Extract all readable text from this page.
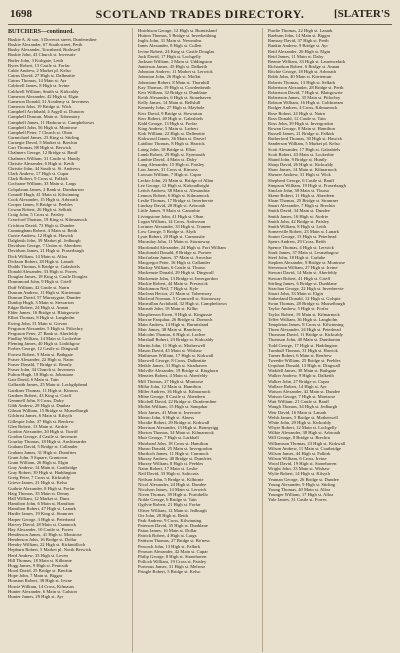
1698	SCOTLAND TRADES DIRECTORY.	[SLATER'S
BUTCHERS—continued.
Buskie A. & son, 3 Dovecot street, Dunfermline
Buskie Alexander, 67 South street, Perth
Busby Alexander, Townhead, Bothwell
Buskie John, 43 Church st. Inverurie
Butler John, 3 Kirkgate, Leith
Byres Robert, 15 Castle st. Forfar
Cable Andrew, 2 Market pl. Kelso
Cairns David, 27 High st. Dalbeattie
Cairns Thomas, 14 Main st. Ayr
Caldwell James, 8 High st. Irvine
Caldwell William, Smith st. Kirkcaldy
Cameron Alexander, 42 High st. Elgin
Cameron Donald, 31 Academy st. Inverness
Cameron John, 19 Bridge st. Wick
Campbell Archibald, 4 Argyll st. Dunoon
Campbell Duncan, Main st. Tobermory
Campbell James, 11 Harbour st. Campbeltown
Campbell John, 56 High st. Montrose
Campbell Peter, 7 Church st. Oban
Carmichael James, 23 King st. Stirling
Carnegie David, 5 Market st. Brechin
Carr Thomas, 88 High st. Berwick
Chalmers George, 12 Bridge st. Banff
Chalmers William, 31 Castle st. Huntly
Christie Alexander, 6 High st. Keith
Christie John, 44 South st. St. Andrews
Clark Andrew, 17 High st. Cupar
Clark Robert, 9 Cross st. Falkirk
Cochrane William, 33 Main st. Largs
Colquhoun James, 2 Bank st. Dumbarton
Connell Hugh, 41 Main st. Kilwinning
Cook Alexander, 15 High st. Arbroath
Cooper James, 8 Bridge st. Peebles
Cowan Robert, 26 High st. Selkirk
Craig John, 5 Cross st. Paisley
Crawford Thomas, 19 King st. Kilmarnock
Crichton David, 73 High st. Dundee
Cunningham Robert, 4 Main st. Beith
Currie Andrew, 12 High st. Hawick
Dalgleish John, 39 Market pl. Jedburgh
Davidson George, 7 Union st. Aberdeen
Davidson James, 21 High st. Fraserburgh
Dick William, 14 Main st. Alloa
Dickson Robert, 28 High st. Lanark
Dodds Thomas, 6 Bridge st. Galashiels
Donald Alexander, 33 High st. Forres
Douglas James, 18 King st. Castle Douglas
Drummond John, 9 High st. Crieff
Duff William, 42 Castle st. Nairn
Duncan Andrew, 11 High st. Kirriemuir
Duncan David, 57 Murraygate, Dundee
Dunlop Hugh, 3 Main st. Stewarton
Edgar Robert, 24 High st. Annan
Elder James, 16 Bridge st. Blairgowrie
Elliot Thomas, 8 High st. Langholm
Ewing John, 31 Main st. Girvan
Ferguson Alexander, 5 High st. Pitlochry
Ferguson Peter, 27 Bank st. Aberfeldy
Findlay William, 14 Main st. Lockerbie
Fleming James, 40 High st. Linlithgow
Forbes George, 12 Castle st. Dingwall
Forrest Robert, 9 Main st. Bathgate
Fraser Alexander, 22 High st. Nairn
Fraser Donald, 7 Bridge st. Beauly
Fraser John, 34 Church st. Inverness
Fulton Hugh, 18 High st. Johnstone
Gair David, 6 Main st. Tain
Galbraith James, 25 Main st. Lochgilphead
Gardiner Thomas, 11 High st. Kinross
Gardner Robert, 43 King st. Crieff
Gemmell John, 8 Cross, Dalry
Gibb Andrew, 29 High st. Dunbar
Gibson William, 15 Bridge st. Musselburgh
Gilchrist James, 6 Main st. Kilsyth
Gillespie John, 37 High st. Renfrew
Glen Robert, 13 Main st. Airdrie
Gordon Alexander, 20 High st. Turriff
Gordon George, 4 Castle st. Inverurie
Gourlay Thomas, 18 High st. Auchterarder
Graham David, 5 Bridge st. Callander
Graham James, 31 High st. Dumfries
Grant John, 9 Square, Grantown
Grant William, 26 High st. Elgin
Gray Andrew, 14 Main st. Coatbridge
Gray Robert, 39 High st. Haddington
Greig Peter, 7 Cross st. Kirkcaldy
Grieve James, 21 High st. Kelso
Guthrie Alexander, 8 High st. Forfar
Haig Thomas, 35 Main st. Denny
Hall William, 12 Market st. Duns
Hamilton John, 6 Main st. Hamilton
Hamilton Robert, 47 High st. Lanark
Hardie James, 19 King st. Stranraer
Harper George, 3 High st. Peterhead
Harvey David, 28 Main st. Cumnock
Hay Alexander, 10 Castle st. Forres
Henderson James, 41 High st. Montrose
Henderson John, 16 Bridge st. Dollar
Hendry William, 22 High st. Kirkintilloch
Hepburn Robert, 5 Market pl. North Berwick
Herd Andrew, 33 High st. Leven
Hill Thomas, 18 Main st. Kilbirnie
Hogg James, 9 High st. Penicuik
Hood David, 25 Bridge st. Brechin
Hope John, 7 Main st. Biggar
Houston Robert, 38 High st. Irvine
Howie William, 14 Cross, Kilmaurs
Hunter Alexander, 6 Main st. Galston
Hunter James, 29 High st. Ayr
Hutchison George, 12 High st. Burntisland
Hutton Thomas, 5 Bridge st. Inverkeithing
Inglis John, 31 Main st. Newmilns
Innes Alexander, 8 High st. Cullen
Irvine Robert, 24 King st. Castle Douglas
Jack David, 17 High st. Lochgelly
Jackson William, 3 Main st. Uddingston
Jamieson James, 45 High st. Dalkeith
Johnston Andrew, 11 Market st. Lerwick
Johnston John, 26 High st. Moffat
Johnstone Robert, 8 Main st. Thornhill
Kay Thomas, 19 High st. Cowdenbeath
Keir William, 32 Bridge st. Dunblane
Keith Alexander, 6 High st. Stonehaven
Kelly James, 14 Main st. Bellshill
Kennedy John, 27 High st. Maybole
Kerr David, 9 Bridge st. Stewarton
Kerr Robert, 40 High st. Galashiels
Kidd George, 13 High st. Forfar
King Andrew, 5 Main st. Larbert
Kirk William, 22 High st. Dalbeattie
Kirkwood James, 36 Main st. Darvel
Laidlaw Thomas, 8 High st. Hawick
Laing John, 18 Bridge st. Ellon
Lamb Robert, 29 High st. Eyemouth
Lambie David, 4 Main st. Dalry
Lang Alexander, 15 High st. Paisley
Law James, 31 Cross st. Kinross
Lawson William, 7 High st. Cupar
Leckie John, 23 Main st. Bridge of Allan
Lee George, 12 High st. Kirkcudbright
Leitch Andrew, 38 Main st. Alexandria
Lennox Robert, 6 High st. Kilmarnock
Leslie Thomas, 17 Bridge st. Inverbervie
Lindsay David, 28 High st. Arbroath
Little James, 9 Main st. Canonbie
Livingstone John, 41 High st. Oban
Logan William, 14 Cross, Ardrossan
Lorimer Alexander, 33 High st. Tranent
Low George, 5 Bridge st. Alyth
Lyon Robert, 20 High st. Carnoustie
Macaulay John, 11 Main st. Stornoway
Macdonald Alexander, 24 High st. Fort William
Macdonald Donald, 8 Bridge st. Portree
Macfarlane James, 37 Main st. Arrochar
Macgregor Peter, 16 High st. Callander
Mackay William, 6 Castle st. Thurso
Mackenzie Donald, 29 High st. Dingwall
Mackenzie John, 13 Bridge st. Invergordon
Mackie Robert, 44 Main st. Prestwick
Mackinnon Neil, 7 High st. Kyle
Maclean Hector, 21 Main st. Tobermory
Macleod Norman, 5 Cromwell st. Stornoway
Macmillan Archibald, 32 High st. Campbeltown
Macnab John, 18 Main st. Killin
Macpherson Ewen, 9 High st. Kingussie
Macrae Farquhar, 26 Bridge st. Dornoch
Main Andrew, 14 High st. Burntisland
Mair James, 38 Main st. Banchory
Malcolm Thomas, 6 High st. Lochee
Marshall Robert, 23 Bridge st. Kirkcaldy
Martin John, 11 High st. Motherwell
Mason David, 45 Main st. Wishaw
Mathieson William, 17 High st. Kirkwall
Maxwell George, 8 Cross, Dalbeattie
Meikle James, 31 High st. Strathaven
Melville Alexander, 19 Bridge st. Kinghorn
Menzies Robert, 4 Main st. Aberfeldy
Mill Thomas, 27 High st. Montrose
Millar John, 12 Main st. Hamilton
Miller Andrew, 36 High st. Kilmarnock
Milne George, 8 Castle st. Aberdeen
Mitchell David, 22 Bridge st. Dunfermline
Moffat William, 15 High st. Sanquhar
Moir James, 41 Main st. Inverurie
Monro John, 6 High st. Alness
Moodie Robert, 29 Bridge st. Kirkwall
Morrison Alexander, 13 High st. Bonnyrigg
Morton Thomas, 34 Main st. Kilmarnock
Muir George, 7 High st. Larkhall
Muirhead John, 18 Cross st. Hamilton
Munro Donald, 25 Main st. Invergordon
Murdoch James, 11 High st. Cumnock
Murray Andrew, 40 Bridge st. Dumfries
Murray William, 8 High st. Peebles
Nairn Robert, 17 Main st. Leslie
Neil David, 33 High st. Saltcoats
Neilson John, 5 Bridge st. Kilbirnie
Nicol Alexander, 24 High st. Dundee
Nicolson James, 14 Main st. Lerwick
Niven Thomas, 39 High st. Portobello
Noble George, 6 Bridge st. Tain
Ogilvie Robert, 21 High st. Forfar
Oliver William, 12 Main st. Jedburgh
Orr John, 28 High st. Beith
Park Andrew, 9 Cross, Kilwinning
Paterson David, 35 High st. Dunblane
Paton James, 16 Main st. Dollar
Patrick Robert, 4 High st. Largs
Pattison Thomas, 27 Bridge st. Bo'ness
Peacock John, 13 High st. Falkirk
Pearson Alexander, 42 Main st. Cupar
Philip George, 8 High st. Stonehaven
Pollock William, 19 Cross st. Paisley
Porteous James, 31 High st. Melrose
Pringle Robert, 5 Bridge st. Kelso
Purdie Thomas, 22 High st. Lanark
Raeburn John, 14 Main st. Biggar
Ramsay David, 37 High st. Perth
Rankin Andrew, 9 Bridge st. Ayr
Reid Alexander, 26 High st. Elgin
Reid James, 11 Main st. Dalry
Rennie William, 33 High st. Laurencekirk
Richardson Robert, 6 Bridge st. Annan
Ritchie George, 18 High st. Arbroath
Robb John, 40 Main st. Kirriemuir
Roberts Thomas, 13 High st. Selkirk
Robertson Alexander, 28 Bridge st. Perth
Robertson David, 7 High st. Blairgowrie
Robertson James, 35 Main st. Pitlochry
Robson William, 16 High st. Coldstream
Rodger Andrew, 4 Cross, Kilmarnock
Rose Robert, 24 High st. Nairn
Ross Donald, 12 Castle st. Tain
Ross John, 39 High st. Invergordon
Rowan George, 8 Main st. Hamilton
Russell James, 21 Bridge st. Falkirk
Rutherford Thomas, 30 High st. Hawick
Sanderson William, 5 Market pl. Kelso
Scott Alexander, 17 High st. Galashiels
Scott Robert, 43 Main st. Lockerbie
Shand John, 9 Bridge st. Huntly
Sharp David, 26 High st. Kirkcaldy
Shaw James, 14 Main st. Kilmarnock
Shearer Andrew, 31 High st. Wick
Shepherd George, 6 Castle st. Banff
Simpson William, 19 High st. Fraserburgh
Sinclair John, 38 Main st. Thurso
Skene Robert, 11 High st. Aberdeen
Sloan Thomas, 25 Bridge st. Stranraer
Smart Alexander, 7 High st. Brechin
Smith David, 34 Main st. Dundee
Smith James, 16 High st. Airdrie
Smith John, 42 Bridge st. Paisley
Smith William, 8 High st. Leith
Somerville Robert, 23 Main st. Lanark
Souter George, 13 High st. Peterhead
Speirs Andrew, 29 Cross, Beith
Spence Thomas, 4 High st. Lerwick
Stark James, 37 Main st. Lesmahagow
Steel John, 18 High st. Carluke
Stephen Alexander, 9 Bridge st. Montrose
Stevenson William, 27 High st. Irvine
Stewart David, 14 Main st. Aberfeldy
Stewart Robert, 41 High st. Crieff
Stirling James, 6 Bridge st. Dunblane
Strachan George, 22 High st. Inverbervie
Stuart John, 33 Main st. Elgin
Sutherland Donald, 12 High st. Golspie
Swan Thomas, 28 Bridge st. Musselburgh
Taylor Andrew, 5 High st. Forfar
Taylor Robert, 19 Main st. Kilmarnock
Telfer William, 36 High st. Langholm
Templeton James, 8 Cross st. Kilwinning
Thom Alexander, 24 High st. Peterhead
Thomson David, 11 Bridge st. Kirkcaldy
Thomson John, 40 Main st. Dumbarton
Todd George, 17 High st. Haddington
Turnbull Thomas, 31 High st. Hawick
Turner Robert, 6 Main st. Renfrew
Tweedie William, 25 Bridge st. Peebles
Urquhart Donald, 13 High st. Dingwall
Waddell James, 38 Main st. Bathgate
Walker Andrew, 9 High st. Dalkeith
Walker John, 27 Bridge st. Cupar
Wallace Robert, 14 High st. Ayr
Watson Alexander, 42 Main st. Dundee
Watson George, 7 High st. Montrose
Watt William, 21 Castle st. Banff
Waugh Thomas, 34 High st. Jedburgh
Weir David, 16 Main st. Lanark
Welsh James, 5 Bridge st. Motherwell
White John, 29 High st. Kirkcaldy
Whyte Robert, 12 Main st. Lochgelly
Wilkie Alexander, 38 High st. Arbroath
Will George, 8 Bridge st. Brechin
Williamson Thomas, 23 High st. Kirkwall
Wilson Andrew, 11 Main st. Coatbridge
Wilson James, 44 High st. Falkirk
Wilson William, 6 Cross, Irvine
Wood David, 19 High st. Stonehaven
Wright John, 33 Main st. Wishaw
Wylie Robert, 14 High st. Kilsyth
Yeaman George, 26 Bridge st. Dundee
Young Alexander, 9 High st. Stirling
Young Thomas, 40 Main st. Alloa
Younger William, 17 High st. Alloa
Yule James, 31 Castle st. Forres
